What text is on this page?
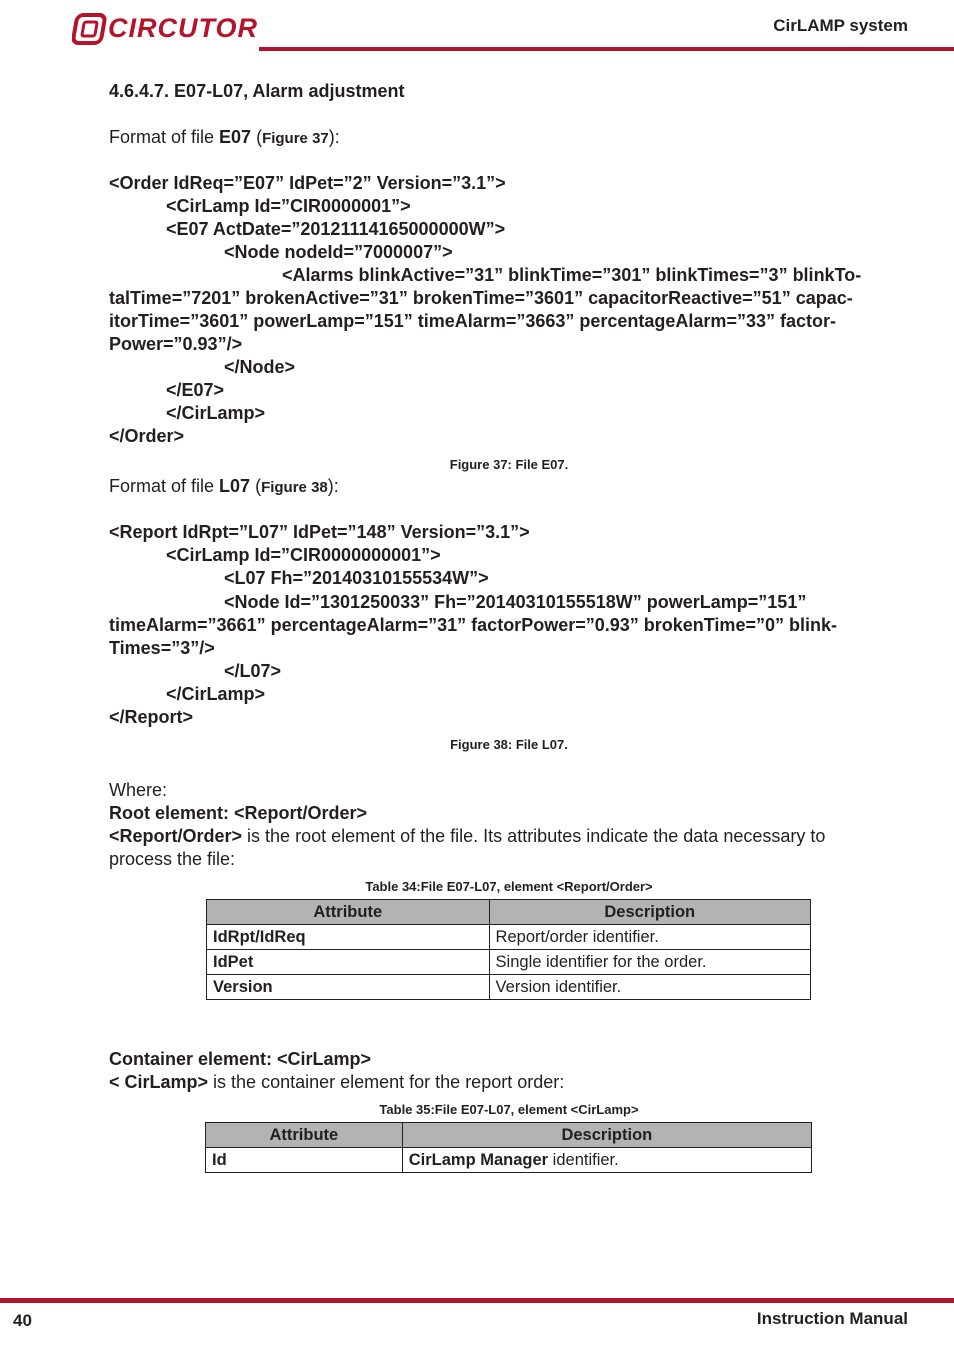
CIRCUTOR	CirLAMP system
4.6.4.7. E07-L07, Alarm adjustment
Format of file E07 (Figure 37):
<Order IdReq=”E07” IdPet=”2” Version=”3.1”>
<CirLamp Id=”CIR0000001”>
<E07 ActDate=”20121114165000000W”>
<Node nodeId=”7000007”>
<Alarms blinkActive=”31” blinkTime=”301” blinkTimes=”3” blinkTo-
talTime=”7201” brokenActive=”31” brokenTime=”3601” capacitorReactive=”51” capac-
itorTime=”3601” powerLamp=”151” timeAlarm=”3663” percentageAlarm=”33” factor-
Power=”0.93”/>
</Node>
</E07>
</CirLamp>
</Order>
Figure 37: File E07.
Format of file L07 (Figure 38):
<Report IdRpt=”L07” IdPet=”148” Version=”3.1”>
<CirLamp Id=”CIR0000000001”>
<L07 Fh=”20140310155534W”>
<Node Id=”1301250033” Fh=”20140310155518W” powerLamp=”151”
timeAlarm=”3661” percentageAlarm=”31” factorPower=”0.93” brokenTime=”0” blink-
Times=”3”/>
</L07>
</CirLamp>
</Report>
Figure 38: File L07.
Where:
Root element: <Report/Order>
<Report/Order> is the root element of the file. Its attributes indicate the data necessary to
process the file:
Table 34:File E07-L07, element <Report/Order>
Attribute	Description
IdRpt/IdReq	Report/order identifier.
IdPet	Single identifier for the order.
Version	Version identifier.
Container element: <CirLamp>
< CirLamp> is the container element for the report order:
Table 35:File E07-L07, element <CirLamp>
Attribute	Description
Id	CirLamp Manager identifier.
40	Instruction Manual
